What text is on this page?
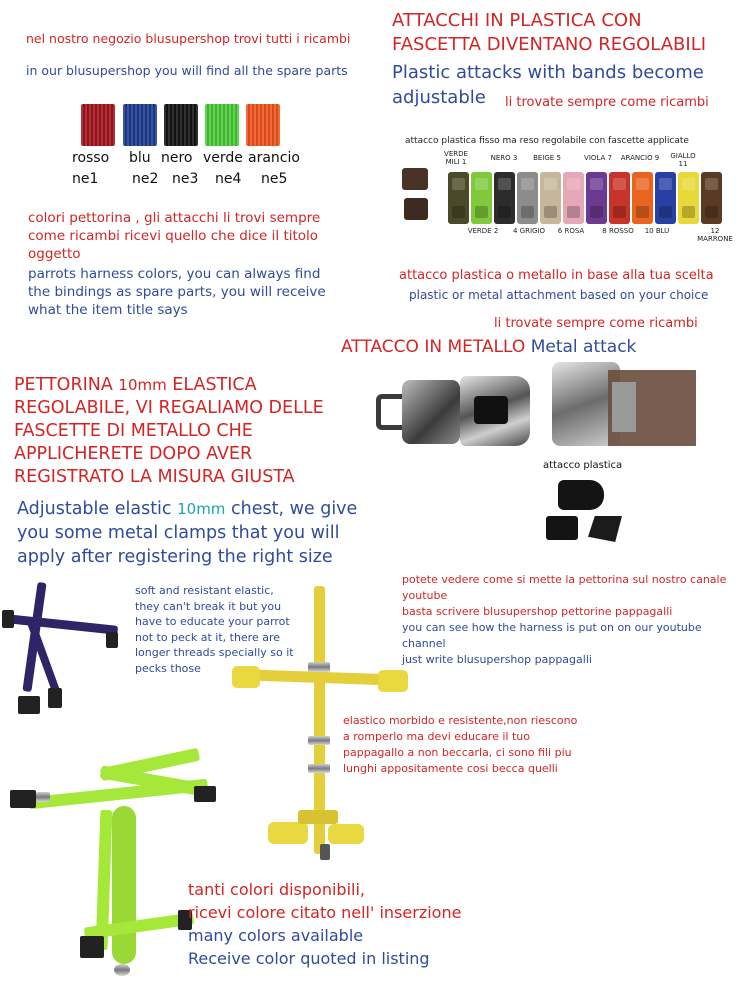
nel nostro negozio blusupershop trovi tutti i ricambi
in our blusupershop you will find all the spare parts
rosso blu nero verde arancio
ne1 ne2 ne3 ne4 ne5
colori pettorina , gli attacchi li trovi sempre
come ricambi ricevi quello che dice il titolo
oggetto
parrots harness colors, you can always find
the bindings as spare parts, you will receive
what the item title says
ATTACCHI IN PLASTICA CON
FASCETTA DIVENTANO REGOLABILI
Plastic attacks with bands become
adjustable	li trovate sempre come ricambi
attacco plastica fisso ma reso regolabile con fascette applicate
VERDE MILI 1	NERO 3 BEIGE 5	VIOLA 7	ARANCIO 9	GIALLO 11
VERDE 2 4 GRIGIO 6 ROSA	8 ROSSO	10 BLU	12 MARRONE
attacco plastica o metallo in base alla tua scelta
plastic or metal attachment based on your choice
li trovate sempre come ricambi
ATTACCO IN METALLO Metal attack
attacco plastica
PETTORINA 10mm ELASTICA
REGOLABILE, VI REGALIAMO DELLE
FASCETTE DI METALLO CHE
APPLICHERETE DOPO AVER
REGISTRATO LA MISURA GIUSTA
Adjustable elastic 10mm chest, we give
you some metal clamps that you will
apply after registering the right size
soft and resistant elastic,
they can't break it but you
have to educate your parrot
not to peck at it, there are
longer threads specially so it
pecks those
potete vedere come si mette la pettorina sul nostro canale
youtube
basta scrivere blusupershop pettorine pappagalli
you can see how the harness is put on on our youtube
channel
just write blusupershop pappagalli
elastico morbido e resistente,non riescono
a romperlo ma devi educare il tuo
pappagallo a non beccarla, ci sono fili piu
lunghi appositamente cosi becca quelli
tanti colori disponibili,
ricevi colore citato nell' inserzione
many colors available
Receive color quoted in listing
